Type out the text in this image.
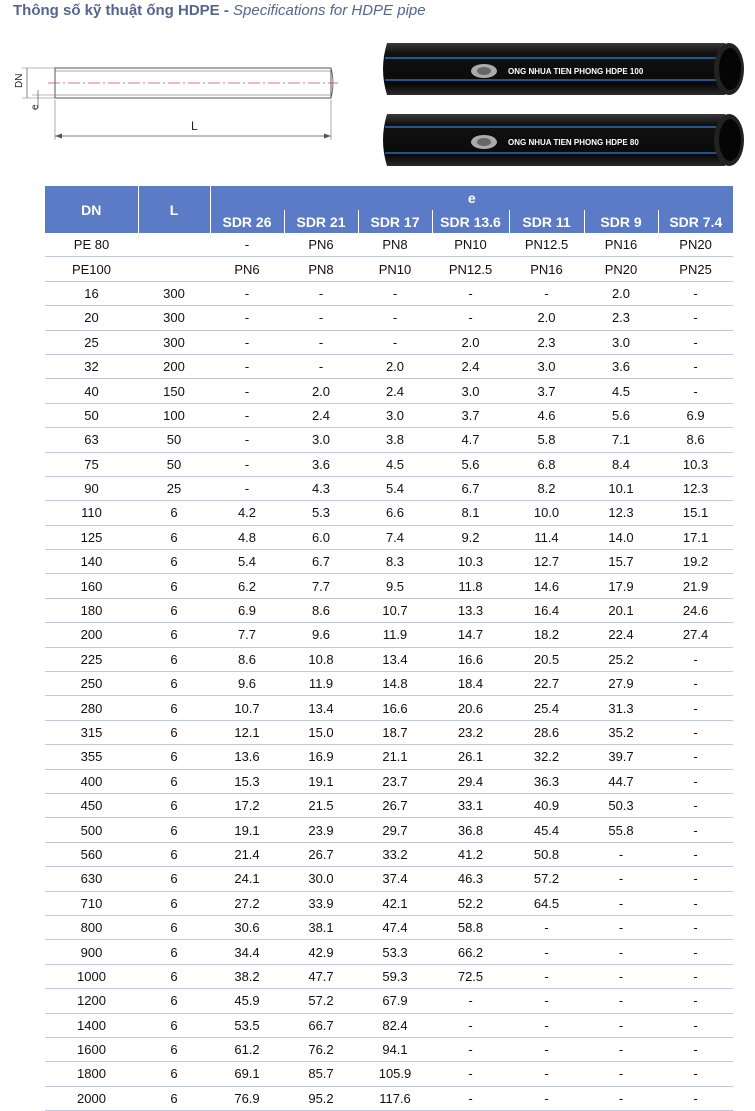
Thông số kỹ thuật ống HDPE - Specifications for HDPE pipe
DN
e
L
ONG NHUA TIEN PHONG HDPE 100
ONG NHUA TIEN PHONG HDPE 80
DN	L	e						
		SDR 26	SDR 21	SDR 17	SDR 13.6	SDR 11	SDR 9	SDR 7.4
PE 80		-	PN6	PN8	PN10	PN12.5	PN16	PN20
PE100		PN6	PN8	PN10	PN12.5	PN16	PN20	PN25
16	300	-	-	-	-	-	2.0	-
20	300	-	-	-	-	2.0	2.3	-
25	300	-	-	-	2.0	2.3	3.0	-
32	200	-	-	2.0	2.4	3.0	3.6	-
40	150	-	2.0	2.4	3.0	3.7	4.5	-
50	100	-	2.4	3.0	3.7	4.6	5.6	6.9
63	50	-	3.0	3.8	4.7	5.8	7.1	8.6
75	50	-	3.6	4.5	5.6	6.8	8.4	10.3
90	25	-	4.3	5.4	6.7	8.2	10.1	12.3
110	6	4.2	5.3	6.6	8.1	10.0	12.3	15.1
125	6	4.8	6.0	7.4	9.2	11.4	14.0	17.1
140	6	5.4	6.7	8.3	10.3	12.7	15.7	19.2
160	6	6.2	7.7	9.5	11.8	14.6	17.9	21.9
180	6	6.9	8.6	10.7	13.3	16.4	20.1	24.6
200	6	7.7	9.6	11.9	14.7	18.2	22.4	27.4
225	6	8.6	10.8	13.4	16.6	20.5	25.2	-
250	6	9.6	11.9	14.8	18.4	22.7	27.9	-
280	6	10.7	13.4	16.6	20.6	25.4	31.3	-
315	6	12.1	15.0	18.7	23.2	28.6	35.2	-
355	6	13.6	16.9	21.1	26.1	32.2	39.7	-
400	6	15.3	19.1	23.7	29.4	36.3	44.7	-
450	6	17.2	21.5	26.7	33.1	40.9	50.3	-
500	6	19.1	23.9	29.7	36.8	45.4	55.8	-
560	6	21.4	26.7	33.2	41.2	50.8	-	-
630	6	24.1	30.0	37.4	46.3	57.2	-	-
710	6	27.2	33.9	42.1	52.2	64.5	-	-
800	6	30.6	38.1	47.4	58.8	-	-	-
900	6	34.4	42.9	53.3	66.2	-	-	-
1000	6	38.2	47.7	59.3	72.5	-	-	-
1200	6	45.9	57.2	67.9	-	-	-	-
1400	6	53.5	66.7	82.4	-	-	-	-
1600	6	61.2	76.2	94.1	-	-	-	-
1800	6	69.1	85.7	105.9	-	-	-	-
2000	6	76.9	95.2	117.6	-	-	-	-
